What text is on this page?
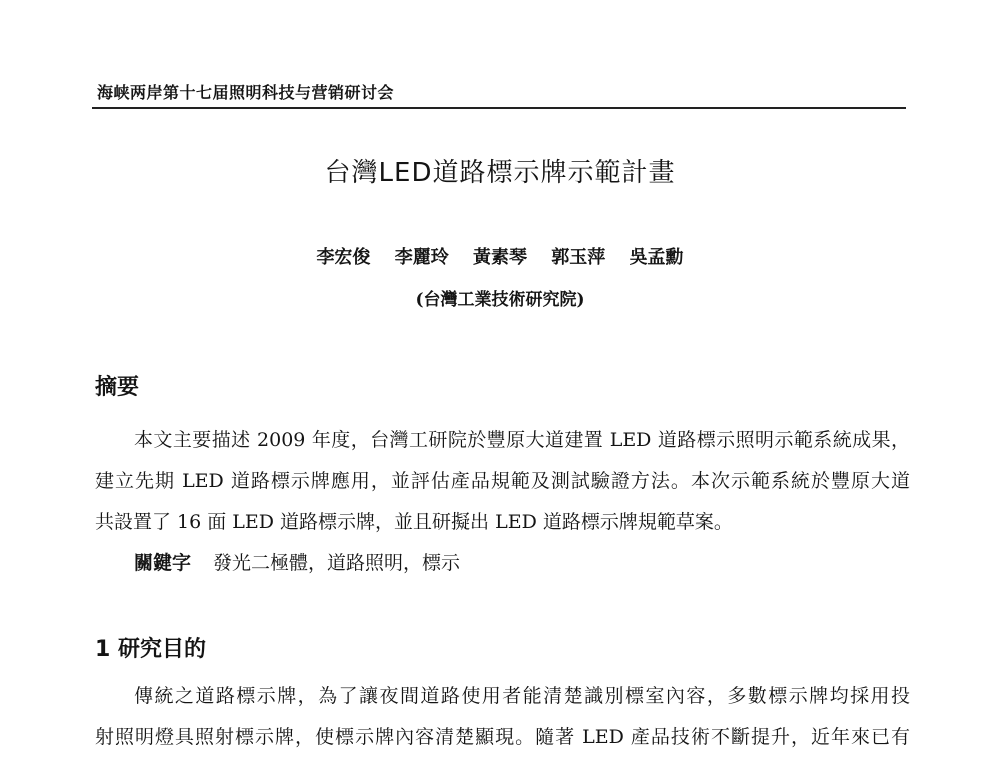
海峡两岸第十七届照明科技与营销研讨会
台灣LED道路標示牌示範計畫
李宏俊 李麗玲 黃素琴 郭玉萍 吳孟勳
(台灣工業技術研究院)
摘要
本文主要描述 2009 年度，台灣工研院於豐原大道建置 LED 道路標示照明示範系統成果，
建立先期 LED 道路標示牌應用，並評估產品規範及測試驗證方法。本次示範系統於豐原大道
共設置了 16 面 LED 道路標示牌，並且研擬出 LED 道路標示牌規範草案。
關鍵字 發光二極體，道路照明，標示
1 研究目的
傳統之道路標示牌，為了讓夜間道路使用者能清楚識別標室內容，多數標示牌均採用投
射照明燈具照射標示牌，使標示牌內容清楚顯現。隨著 LED 產品技術不斷提升，近年來已有
